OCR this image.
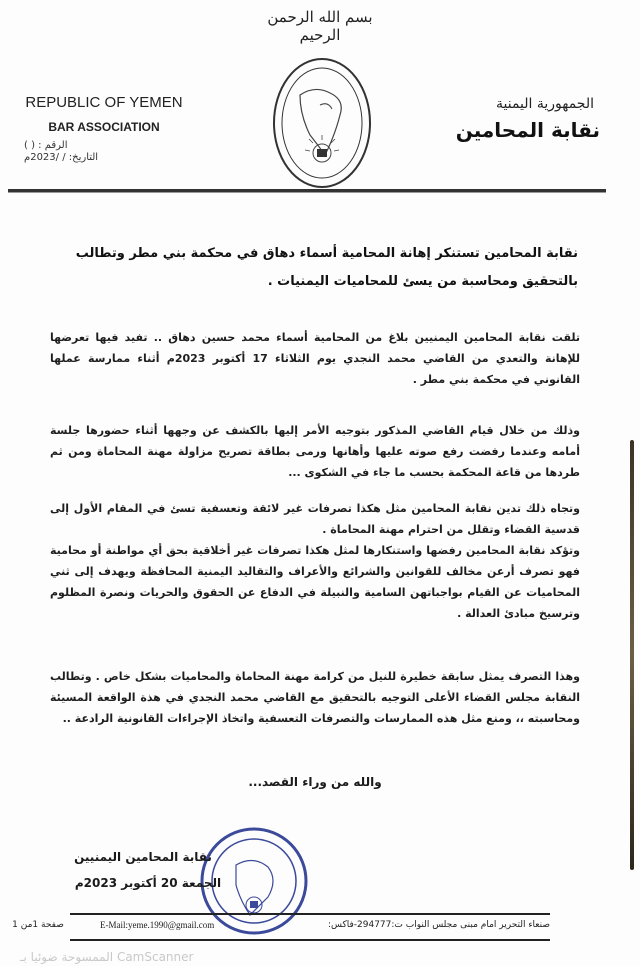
بسم الله الرحمن الرحيم
REPUBLIC OF YEMEN
BAR ASSOCIATION
الرقم : ( )
التاريخ: / /2023م
الجمهورية اليمنية
نقابة المحامين
نقابة المحامين تستنكر إهانة المحامية أسماء دهاق في محكمة بني مطر وتطالب بالتحقيق ومحاسبة من يسئ للمحاميات اليمنيات .
تلقت نقابة المحامين اليمنيين بلاغ من المحامية أسماء محمد حسين دهاق .. تفيد فيها تعرضها للإهانة والتعدي من القاضي محمد النجدي يوم الثلاثاء 17 أكتوبر 2023م أثناء ممارسة عملها القانوني في محكمة بني مطر .
وذلك من خلال قيام القاضي المذكور بتوجيه الأمر إليها بالكشف عن وجهها أثناء حضورها جلسة أمامه وعندما رفضت رفع صوته عليها وأهانها ورمى بطاقة تصريح مزاولة مهنة المحاماة ومن ثم طردها من قاعة المحكمة بحسب ما جاء في الشكوى ...
وتجاه ذلك تدين نقابة المحامين مثل هكذا تصرفات غير لائقة وتعسفية تسئ في المقام الأول إلى قدسية القضاء وتقلل من احترام مهنة المحاماة .
وتؤكد نقابة المحامين رفضها واستنكارها لمثل هكذا تصرفات غير أخلاقية بحق أي مواطنة أو محامية فهو تصرف أرعن مخالف للقوانين والشرائع والأعراف والتقاليد اليمنية المحافظة ويهدف إلى ثني المحاميات عن القيام بواجباتهن السامية والنبيلة في الدفاع عن الحقوق والحريات ونصرة المظلوم وترسيخ مبادئ العدالة .
وهذا التصرف يمثل سابقة خطيرة للنيل من كرامة مهنة المحاماة والمحاميات بشكل خاص . وتطالب النقابة مجلس القضاء الأعلى التوجيه بالتحقيق مع القاضي محمد النجدي في هذة الواقعة المسيئة ومحاسبته ،، ومنع مثل هذه الممارسات والتصرفات التعسفية واتخاذ الإجراءات القانونية الرادعة ..
والله من وراء القصد...
نقابة المحامين اليمنيين
الجمعة 20 أكتوبر 2023م
صفحة 1من 1	صنعاء التحرير أمام مبنى مجلس النواب ت:294777-فاكس:
E-Mail:yeme.1990@gmail.com
CamScanner الممسوحة ضوئيا بـ
